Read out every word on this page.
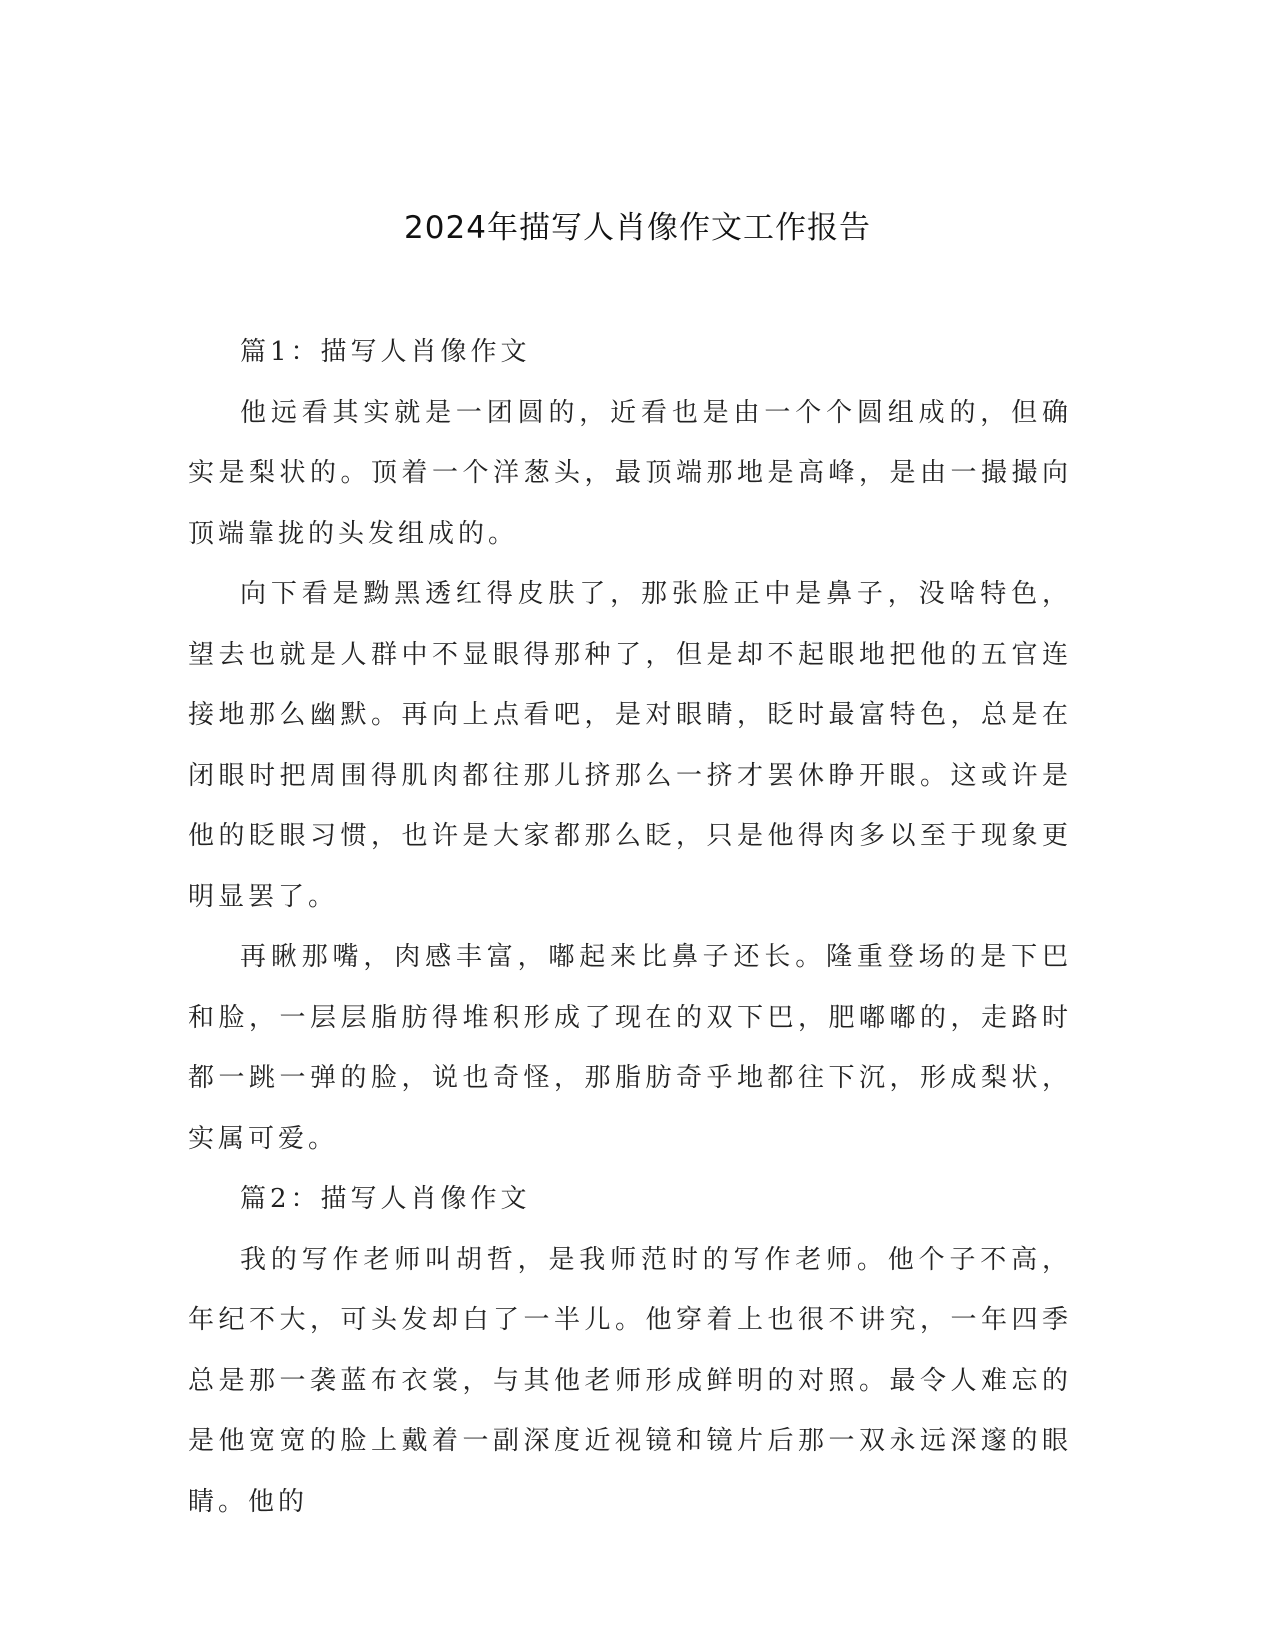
2024年描写人肖像作文工作报告

篇1：描写人肖像作文

他远看其实就是一团圆的，近看也是由一个个圆组成的，但确实是梨状的。顶着一个洋葱头，最顶端那地是高峰，是由一撮撮向顶端靠拢的头发组成的。

向下看是黝黑透红得皮肤了，那张脸正中是鼻子，没啥特色，望去也就是人群中不显眼得那种了，但是却不起眼地把他的五官连接地那么幽默。再向上点看吧，是对眼睛，眨时最富特色，总是在闭眼时把周围得肌肉都往那儿挤那么一挤才罢休睁开眼。这或许是他的眨眼习惯，也许是大家都那么眨，只是他得肉多以至于现象更明显罢了。

再瞅那嘴，肉感丰富，嘟起来比鼻子还长。隆重登场的是下巴和脸，一层层脂肪得堆积形成了现在的双下巴，肥嘟嘟的，走路时都一跳一弹的脸，说也奇怪，那脂肪奇乎地都往下沉，形成梨状，实属可爱。

篇2：描写人肖像作文

我的写作老师叫胡哲，是我师范时的写作老师。他个子不高，年纪不大，可头发却白了一半儿。他穿着上也很不讲究，一年四季总是那一袭蓝布衣裳，与其他老师形成鲜明的对照。最令人难忘的是他宽宽的脸上戴着一副深度近视镜和镜片后那一双永远深邃的眼睛。他的
